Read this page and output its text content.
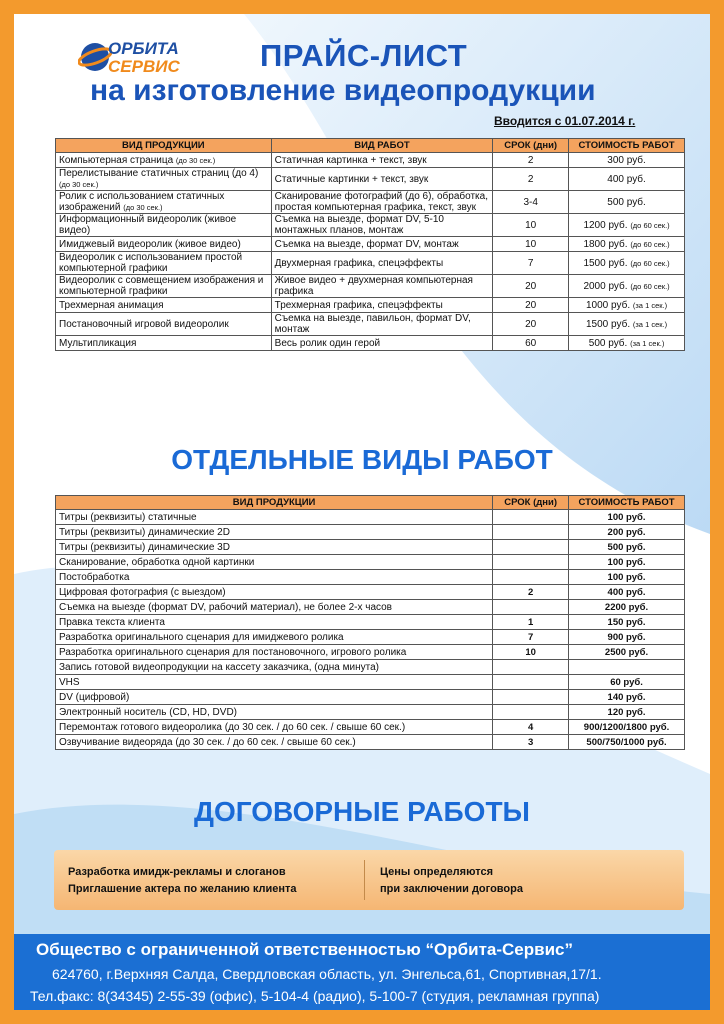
ОРБИТА
СЕРВИС	ПРАЙС-ЛИСТ
на изготовление видеопродукции
Вводится с 01.07.2014 г.
ВИД ПРОДУКЦИИ	ВИД РАБОТ	СРОК (дни)	СТОИМОСТЬ РАБОТ
Компьютерная страница (до 30 сек.)	Статичная картинка + текст, звук	2	300 руб.
Перелистывание статичных страниц (до 4) (до 30 сек.)	Статичные картинки + текст, звук	2	400 руб.
Ролик с использованием статичных изображений (до 30 сек.)	Сканирование фотографий (до 6), обработка, простая компьютерная графика, текст, звук	3-4	500 руб.
Информационный видеоролик (живое видео)	Съемка на выезде, формат DV, 5-10 монтажных планов, монтаж	10	1200 руб. (до 60 сек.)
Имиджевый видеоролик (живое видео)	Съемка на выезде, формат DV, монтаж	10	1800 руб. (до 60 сек.)
Видеоролик с использованием простой компьютерной графики	Двухмерная графика, спецэффекты	7	1500 руб. (до 60 сек.)
Видеоролик с совмещением изображения и компьютерной графики	Живое видео + двухмерная компьютерная графика	20	2000 руб. (до 60 сек.)
Трехмерная анимация	Трехмерная графика, спецэффекты	20	1000 руб. (за 1 сек.)
Постановочный игровой видеоролик	Съемка на выезде, павильон, формат DV, монтаж	20	1500 руб. (за 1 сек.)
Мультипликация	Весь ролик один герой	60	500 руб. (за 1 сек.)
ОТДЕЛЬНЫЕ ВИДЫ РАБОТ
ВИД ПРОДУКЦИИ	СРОК (дни)	СТОИМОСТЬ РАБОТ
Титры (реквизиты) статичные		100 руб.
Титры (реквизиты) динамические 2D		200 руб.
Титры (реквизиты) динамические 3D		500 руб.
Сканирование, обработка одной картинки		100 руб.
Постобработка		100 руб.
Цифровая фотография (с выездом)	2	400 руб.
Съемка на выезде (формат DV, рабочий материал), не более 2-х часов		2200 руб.
Правка текста клиента	1	150 руб.
Разработка оригинального сценария для имиджевого ролика	7	900 руб.
Разработка оригинального сценария для постановочного, игрового ролика	10	2500 руб.
Запись готовой видеопродукции на кассету заказчика, (одна минута)		
VHS		60 руб.
DV (цифровой)		140 руб.
Электронный носитель (CD, HD, DVD)		120 руб.
Перемонтаж готового видеоролика (до 30 сек. / до 60 сек. / свыше 60 сек.)	4	900/1200/1800 руб.
Озвучивание видеоряда (до 30 сек. / до 60 сек. / свыше 60 сек.)	3	500/750/1000 руб.
ДОГОВОРНЫЕ РАБОТЫ
Разработка имидж-рекламы и слоганов
Приглашение актера по желанию клиента
Цены определяются
при заключении договора
Общество с ограниченной ответственностью “Орбита-Сервис”
624760, г.Верхняя Салда, Свердловская область, ул. Энгельса,61, Спортивная,17/1.
Тел.факс: 8(34345) 2-55-39 (офис), 5-104-4 (радио), 5-100-7 (студия, рекламная группа)
